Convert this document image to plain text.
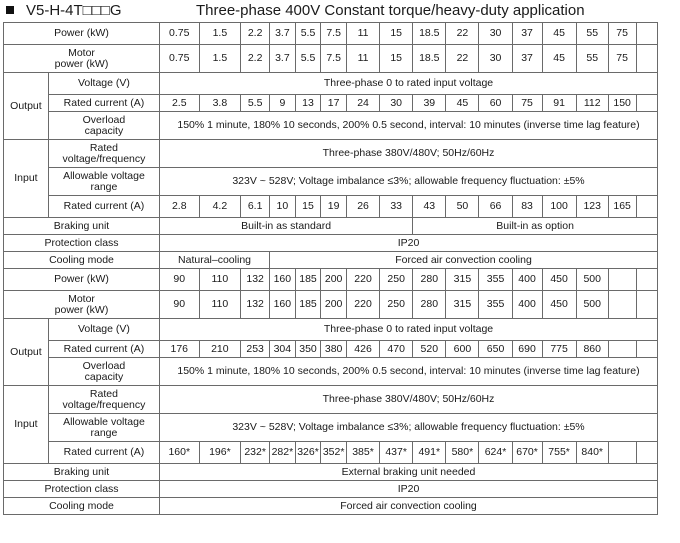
V5-H-4T□□□G	Three-phase 400V Constant torque/heavy-duty application
Power (kW)		0.75	1.5	2.2	3.7	5.5	7.5	11	15	18.5	22	30	37	45	55	75	
Motor
power (kW)		0.75	1.5	2.2	3.7	5.5	7.5	11	15	18.5	22	30	37	45	55	75	
Output	Voltage (V)	Three-phase 0 to rated input voltage															
	Rated current (A)	2.5	3.8	5.5	9	13	17	24	30	39	45	60	75	91	112	150	
	Overload
capacity	150% 1 minute, 180% 10 seconds, 200% 0.5 second, interval: 10 minutes (inverse time lag feature)															
Input	Rated
voltage/frequency	Three-phase 380V/480V; 50Hz/60Hz															
	Allowable voltage
range	323V ~ 528V; Voltage imbalance ≤3%; allowable frequency fluctuation: ±5%															
	Rated current (A)	2.8	4.2	6.1	10	15	19	26	33	43	50	66	83	100	123	165	
Braking unit		Built-in as standard								Built-in as option							
Protection class		IP20															
Cooling mode		Natural–cooling			Forced air convection cooling												
Power (kW)		90	110	132	160	185	200	220	250	280	315	355	400	450	500		
Motor
power (kW)		90	110	132	160	185	200	220	250	280	315	355	400	450	500		
Output	Voltage (V)	Three-phase 0 to rated input voltage															
	Rated current (A)	176	210	253	304	350	380	426	470	520	600	650	690	775	860		
	Overload
capacity	150% 1 minute, 180% 10 seconds, 200% 0.5 second, interval: 10 minutes (inverse time lag feature)															
Input	Rated
voltage/frequency	Three-phase 380V/480V; 50Hz/60Hz															
	Allowable voltage
range	323V ~ 528V; Voltage imbalance ≤3%; allowable frequency fluctuation: ±5%															
	Rated current (A)	160*	196*	232*	282*	326*	352*	385*	437*	491*	580*	624*	670*	755*	840*		
Braking unit		External braking unit needed															
Protection class		IP20															
Cooling mode		Forced air convection cooling															
